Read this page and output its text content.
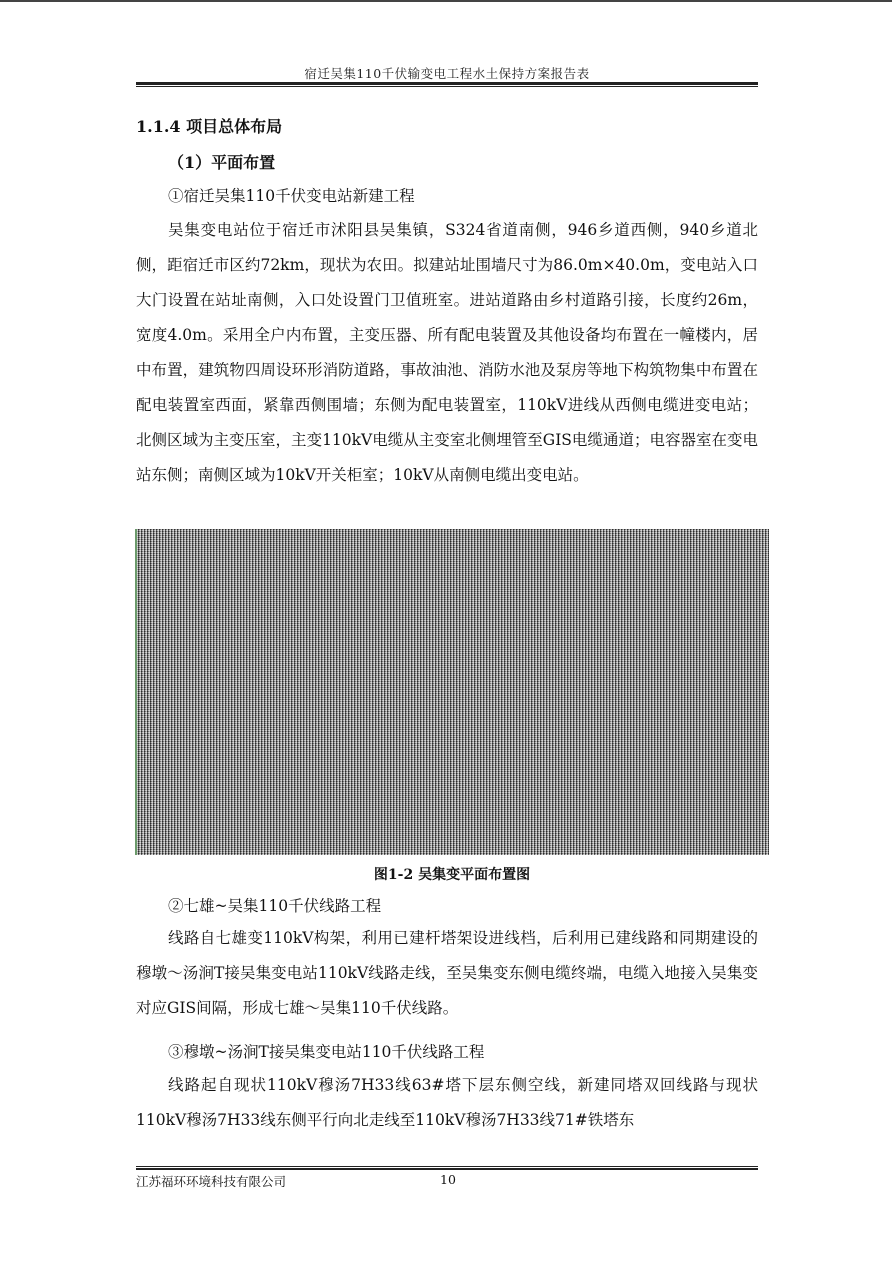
宿迁吴集110千伏输变电工程水土保持方案报告表
1.1.4 项目总体布局
（1）平面布置
①宿迁吴集110千伏变电站新建工程

吴集变电站位于宿迁市沭阳县吴集镇，S324省道南侧，946乡道西侧，940乡道北侧，距宿迁市区约72km，现状为农田。拟建站址围墙尺寸为86.0m×40.0m，变电站入口大门设置在站址南侧，入口处设置门卫值班室。进站道路由乡村道路引接，长度约26m，宽度4.0m。采用全户内布置，主变压器、所有配电装置及其他设备均布置在一幢楼内，居中布置，建筑物四周设环形消防道路，事故油池、消防水池及泵房等地下构筑物集中布置在配电装置室西面，紧靠西侧围墙；东侧为配电装置室，110kV进线从西侧电缆进变电站；北侧区域为主变压室，主变110kV电缆从主变室北侧埋管至GIS电缆通道；电容器室在变电站东侧；南侧区域为10kV开关柜室；10kV从南侧电缆出变电站。

图1-2 吴集变平面布置图
②七雄~吴集110千伏线路工程

线路自七雄变110kV构架，利用已建杆塔架设进线档，后利用已建线路和同期建设的穆墩～汤涧T接吴集变电站110kV线路走线，至吴集变东侧电缆终端，电缆入地接入吴集变对应GIS间隔，形成七雄～吴集110千伏线路。

③穆墩~汤涧T接吴集变电站110千伏线路工程

线路起自现状110kV穆汤7H33线63#塔下层东侧空线，新建同塔双回线路与现状110kV穆汤7H33线东侧平行向北走线至110kV穆汤7H33线71#铁塔东

江苏福环环境科技有限公司	10
